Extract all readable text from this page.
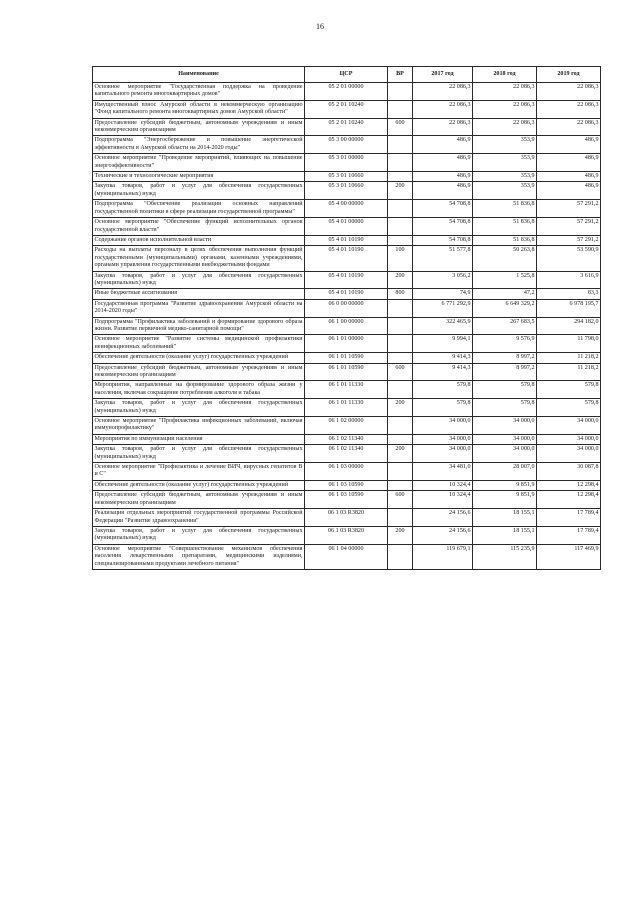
16
Наименование	ЦСР	ВР	2017 год	2018 год	2019 год
Основное мероприятие "Государственная поддержка на проведение капитального ремонта многоквартирных домов"	05 2 01 00000		22 086,3	22 086,3	22 086,3
Имущественный взнос Амурской области в некоммерческую организацию "Фонд капитального ремонта многоквартирных домов Амурской области"	05 2 01 10240		22 086,3	22 086,3	22 086,3
Предоставление субсидий бюджетным, автономным учреждениям и иным некоммерческим организациям	05 2 01 10240	600	22 086,3	22 086,3	22 086,3
Подпрограмма "Энергосбережение и повышение энергетической эффективности в Амурской области на 2014-2020 годы"	05 3 00 00000		486,9	353,9	486,9
Основное мероприятие "Проведение мероприятий, влияющих на повышение энергоэффективности"	05 3 01 00000		486,9	353,9	486,9
Технические и технологические мероприятия	05 3 01 10660		486,9	353,9	486,9
Закупка товаров, работ и услуг для обеспечения государственных (муниципальных) нужд	05 3 01 10660	200	486,9	353,9	486,9
Подпрограмма "Обеспечение реализации основных направлений государственной политики в сфере реализации государственной программы"	05 4 00 00000		54 708,8	51 836,8	57 291,2
Основное мероприятие "Обеспечение функций исполнительных органов государственной власти"	05 4 01 00000		54 708,8	51 836,8	57 291,2
Содержание органов исполнительной власти	05 4 01 10190		54 708,8	51 836,8	57 291,2
Расходы на выплаты персоналу в целях обеспечения выполнения функций государственными (муниципальными) органами, казенными учреждениями, органами управления государственными внебюджетными фондами	05 4 01 10190	100	51 577,8	50 263,8	53 590,9
Закупка товаров, работ и услуг для обеспечения государственных (муниципальных) нужд	05 4 01 10190	200	3 056,2	1 525,8	3 616,9
Иные бюджетные ассигнования	05 4 01 10190	800	74,9	47,2	83,3
Государственная программа "Развитие здравоохранения Амурской области на 2014-2020 годы"	06 0 00 00000		6 771 292,9	6 649 329,2	6 978 195,7
Подпрограмма "Профилактика заболеваний и формирование здорового образа жизни. Развитие первичной медико-санитарной помощи"	06 1 00 00000		322 465,9	267 683,5	294 182,0
Основное мероприятие "Развитие системы медицинской профилактики неинфекционных заболеваний"	06 1 01 00000		9 994,1	9 576,9	11 798,0
Обеспечение деятельности (оказание услуг) государственных учреждений	06 1 01 10590		9 414,3	8 997,2	11 218,2
Предоставление субсидий бюджетным, автономным учреждениям и иным некоммерческим организациям	06 1 01 10590	600	9 414,3	8 997,2	11 218,2
Мероприятия, направленные на формирование здорового образа жизни у населения, включая сокращение потребления алкоголя и табака	06 1 01 11330		579,8	579,8	579,8
Закупка товаров, работ и услуг для обеспечения государственных (муниципальных) нужд	06 1 01 11330	200	579,8	579,8	579,8
Основное мероприятие "Профилактика инфекционных заболеваний, включая иммунопрофилактику"	06 1 02 00000		34 000,0	34 000,0	34 000,0
Мероприятия по иммунизации населения	06 1 02 11340		34 000,0	34 000,0	34 000,0
Закупка товаров, работ и услуг для обеспечения государственных (муниципальных) нужд	06 1 02 11340	200	34 000,0	34 000,0	34 000,0
Основное мероприятие "Профилактика и лечение ВИЧ, вирусных гепатитов В и С"	06 1 03 00000		34 481,0	28 007,0	30 087,8
Обеспечение деятельности (оказание услуг) государственных учреждений	06 1 03 10590		10 324,4	9 851,9	12 298,4
Предоставление субсидий бюджетным, автономным учреждениям и иным некоммерческим организациям	06 1 03 10590	600	10 324,4	9 851,9	12 298,4
Реализация отдельных мероприятий государственной программы Российской Федерации "Развитие здравоохранения"	06 1 03 R3820		24 156,6	18 155,1	17 789,4
Закупка товаров, работ и услуг для обеспечения государственных (муниципальных) нужд	06 1 03 R3820	200	24 156,6	18 155,1	17 789,4
Основное мероприятие "Совершенствование механизмов обеспечения населения лекарственными препаратами, медицинскими изделиями, специализированными продуктами лечебного питания"	06 1 04 00000		119 679,1	115 235,9	117 469,9
